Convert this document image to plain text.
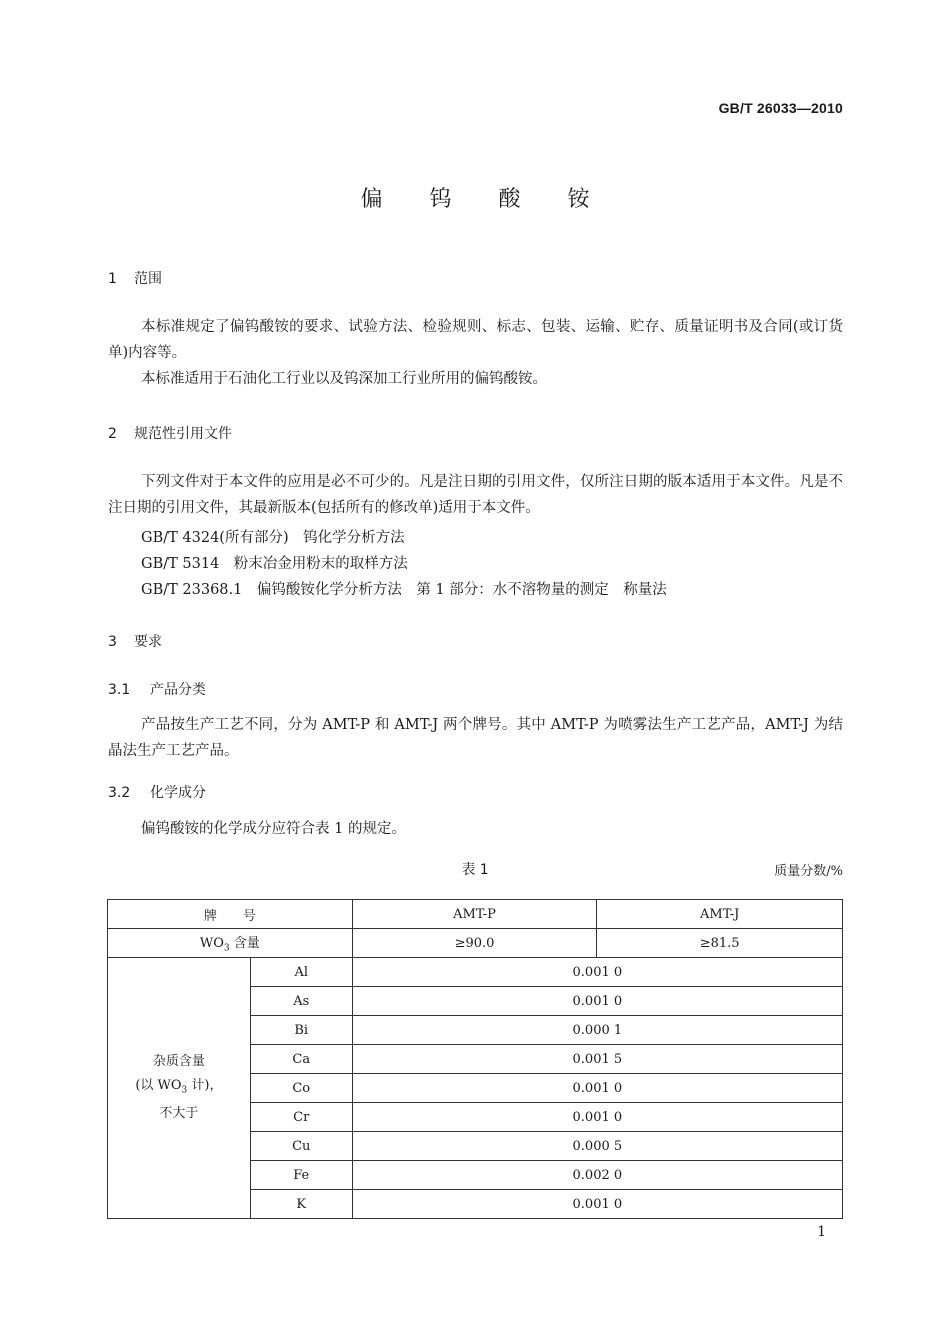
GB/T 26033—2010
偏 钨 酸 铵
1 范围
本标准规定了偏钨酸铵的要求、试验方法、检验规则、标志、包装、运输、贮存、质量证明书及合同(或订货单)内容等。
本标准适用于石油化工行业以及钨深加工行业所用的偏钨酸铵。
2 规范性引用文件
下列文件对于本文件的应用是必不可少的。凡是注日期的引用文件，仅所注日期的版本适用于本文件。凡是不注日期的引用文件，其最新版本(包括所有的修改单)适用于本文件。
GB/T 4324(所有部分)　钨化学分析方法
GB/T 5314　粉末冶金用粉末的取样方法
GB/T 23368.1　偏钨酸铵化学分析方法　第 1 部分：水不溶物量的测定　称量法
3 要求
3.1 产品分类
产品按生产工艺不同，分为 AMT-P 和 AMT-J 两个牌号。其中 AMT-P 为喷雾法生产工艺产品，AMT-J 为结晶法生产工艺产品。
3.2 化学成分
偏钨酸铵的化学成分应符合表 1 的规定。
表 1	质量分数/%
牌　　号		AMT-P	AMT-J
$WO_3$ 含量		≥90.0	≥81.5

杂质含量
(以 $WO_3$ 计)，
不大于	Al	0.001 0	
	As	0.001 0	
	Bi	0.000 1	
	Ca	0.001 5	
	Co	0.001 0	
	Cr	0.001 0	
	Cu	0.000 5	
	Fe	0.002 0	
	K	0.001 0	
1
